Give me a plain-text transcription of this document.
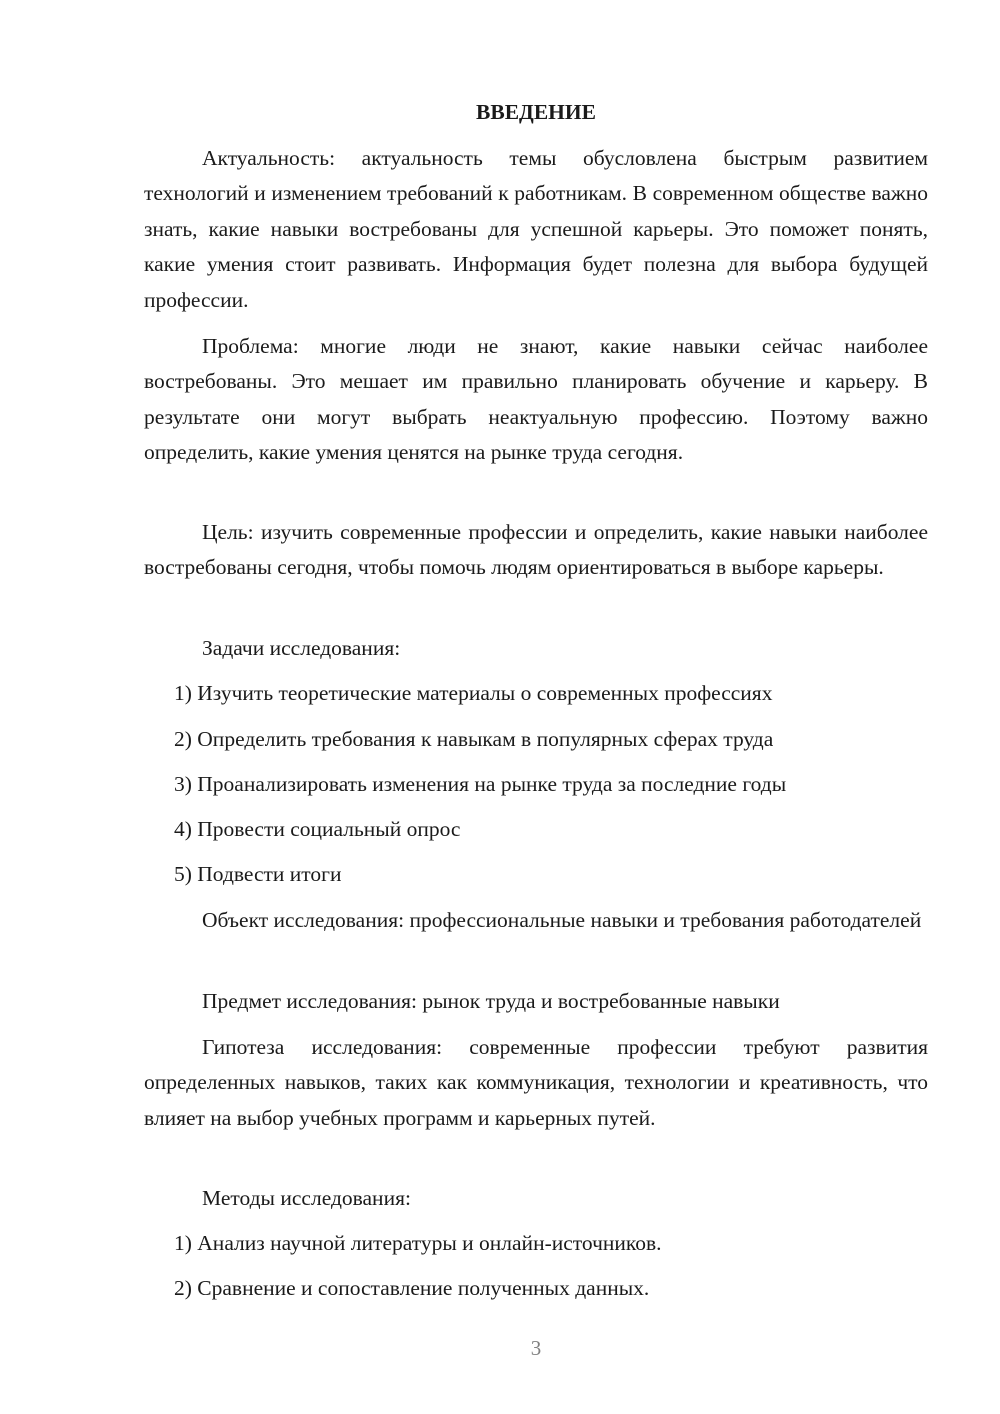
ВВЕДЕНИЕ
Актуальность: актуальность темы обусловлена быстрым развитием технологий и изменением требований к работникам. В современном обществе важно знать, какие навыки востребованы для успешной карьеры. Это поможет понять, какие умения стоит развивать. Информация будет полезна для выбора будущей профессии.
Проблема: многие люди не знают, какие навыки сейчас наиболее востребованы. Это мешает им правильно планировать обучение и карьеру. В результате они могут выбрать неактуальную профессию. Поэтому важно определить, какие умения ценятся на рынке труда сегодня.
Цель: изучить современные профессии и определить, какие навыки наиболее востребованы сегодня, чтобы помочь людям ориентироваться в выборе карьеры.
Задачи исследования:
1) Изучить теоретические материалы о современных профессиях
2) Определить требования к навыкам в популярных сферах труда
3) Проанализировать изменения на рынке труда за последние годы
4) Провести социальный опрос
5) Подвести итоги
Объект исследования: профессиональные навыки и требования работодателей
Предмет исследования: рынок труда и востребованные навыки
Гипотеза исследования: современные профессии требуют развития определенных навыков, таких как коммуникация, технологии и креативность, что влияет на выбор учебных программ и карьерных путей.
Методы исследования:
1) Анализ научной литературы и онлайн-источников.
2) Сравнение и сопоставление полученных данных.
3
